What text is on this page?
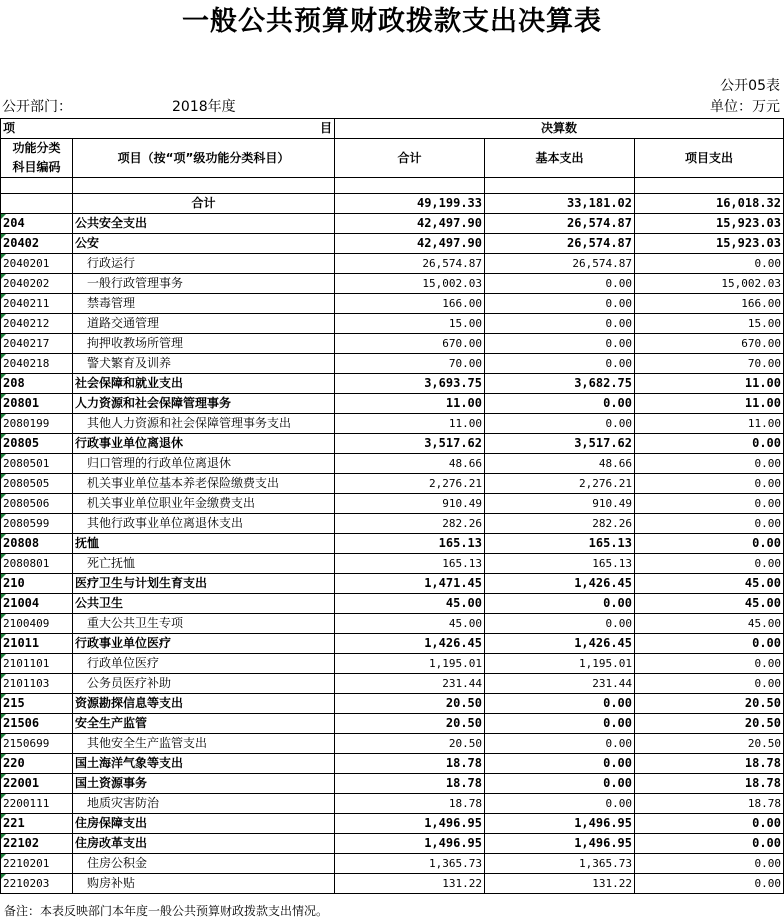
一般公共预算财政拨款支出决算表
公开05表
公开部门：	2018年度	单位：万元
项 目		决算数		
功能分类
科目编码	项目（按“项”级功能分类科目）	合计	基本支出	项目支出

	合计	49,199.33	33,181.02	16,018.32
204	公共安全支出	42,497.90	26,574.87	15,923.03
20402	公安	42,497.90	26,574.87	15,923.03
2040201	行政运行	26,574.87	26,574.87	0.00
2040202	一般行政管理事务	15,002.03	0.00	15,002.03
2040211	禁毒管理	166.00	0.00	166.00
2040212	道路交通管理	15.00	0.00	15.00
2040217	拘押收教场所管理	670.00	0.00	670.00
2040218	警犬繁育及训养	70.00	0.00	70.00
208	社会保障和就业支出	3,693.75	3,682.75	11.00
20801	人力资源和社会保障管理事务	11.00	0.00	11.00
2080199	其他人力资源和社会保障管理事务支出	11.00	0.00	11.00
20805	行政事业单位离退休	3,517.62	3,517.62	0.00
2080501	归口管理的行政单位离退休	48.66	48.66	0.00
2080505	机关事业单位基本养老保险缴费支出	2,276.21	2,276.21	0.00
2080506	机关事业单位职业年金缴费支出	910.49	910.49	0.00
2080599	其他行政事业单位离退休支出	282.26	282.26	0.00
20808	抚恤	165.13	165.13	0.00
2080801	死亡抚恤	165.13	165.13	0.00
210	医疗卫生与计划生育支出	1,471.45	1,426.45	45.00
21004	公共卫生	45.00	0.00	45.00
2100409	重大公共卫生专项	45.00	0.00	45.00
21011	行政事业单位医疗	1,426.45	1,426.45	0.00
2101101	行政单位医疗	1,195.01	1,195.01	0.00
2101103	公务员医疗补助	231.44	231.44	0.00
215	资源勘探信息等支出	20.50	0.00	20.50
21506	安全生产监管	20.50	0.00	20.50
2150699	其他安全生产监管支出	20.50	0.00	20.50
220	国土海洋气象等支出	18.78	0.00	18.78
22001	国土资源事务	18.78	0.00	18.78
2200111	地质灾害防治	18.78	0.00	18.78
221	住房保障支出	1,496.95	1,496.95	0.00
22102	住房改革支出	1,496.95	1,496.95	0.00
2210201	住房公积金	1,365.73	1,365.73	0.00
2210203	购房补贴	131.22	131.22	0.00
备注：本表反映部门本年度一般公共预算财政拨款支出情况。
